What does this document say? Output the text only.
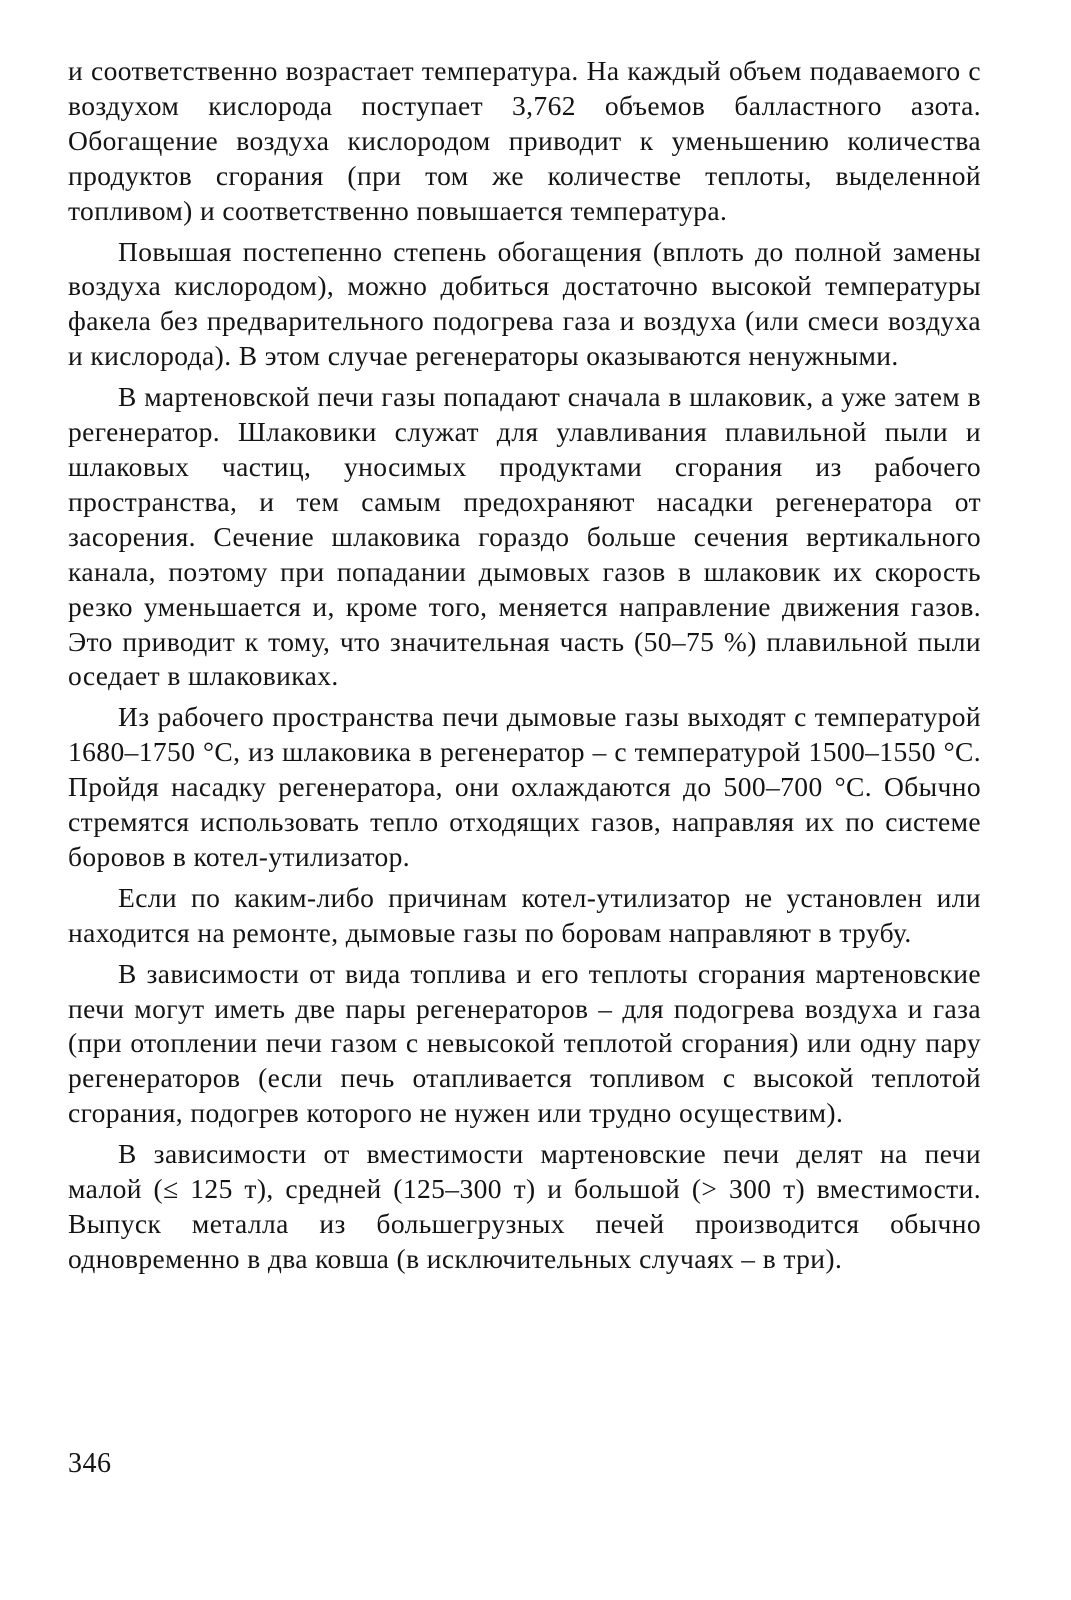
и соответственно возрастает температура. На каждый объем подаваемого с воздухом кислорода поступает 3,762 объемов балластного азота. Обогащение воздуха кислородом приводит к уменьшению количества продуктов сгорания (при том же количестве теплоты, выделенной топливом) и соответственно повышается температура.

Повышая постепенно степень обогащения (вплоть до полной замены воздуха кислородом), можно добиться достаточно высокой температуры факела без предварительного подогрева газа и воздуха (или смеси воздуха и кислорода). В этом случае регенераторы оказываются ненужными.

В мартеновской печи газы попадают сначала в шлаковик, а уже затем в регенератор. Шлаковики служат для улавливания плавильной пыли и шлаковых частиц, уносимых продуктами сгорания из рабочего пространства, и тем самым предохраняют насадки регенератора от засорения. Сечение шлаковика гораздо больше сечения вертикального канала, поэтому при попадании дымовых газов в шлаковик их скорость резко уменьшается и, кроме того, меняется направление движения газов. Это приводит к тому, что значительная часть (50–75 %) плавильной пыли оседает в шлаковиках.

Из рабочего пространства печи дымовые газы выходят с температурой 1680–1750 °С, из шлаковика в регенератор – с температурой 1500–1550 °С. Пройдя насадку регенератора, они охлаждаются до 500–700 °С. Обычно стремятся использовать тепло отходящих газов, направляя их по системе боровов в котел-утилизатор.

Если по каким-либо причинам котел-утилизатор не установлен или находится на ремонте, дымовые газы по боровам направляют в трубу.

В зависимости от вида топлива и его теплоты сгорания мартеновские печи могут иметь две пары регенераторов – для подогрева воздуха и газа (при отоплении печи газом с невысокой теплотой сгорания) или одну пару регенераторов (если печь отапливается топливом с высокой теплотой сгорания, подогрев которого не нужен или трудно осуществим).

В зависимости от вместимости мартеновские печи делят на печи малой (≤ 125 т), средней (125–300 т) и большой (> 300 т) вместимости. Выпуск металла из большегрузных печей производится обычно одновременно в два ковша (в исключительных случаях – в три).

346
